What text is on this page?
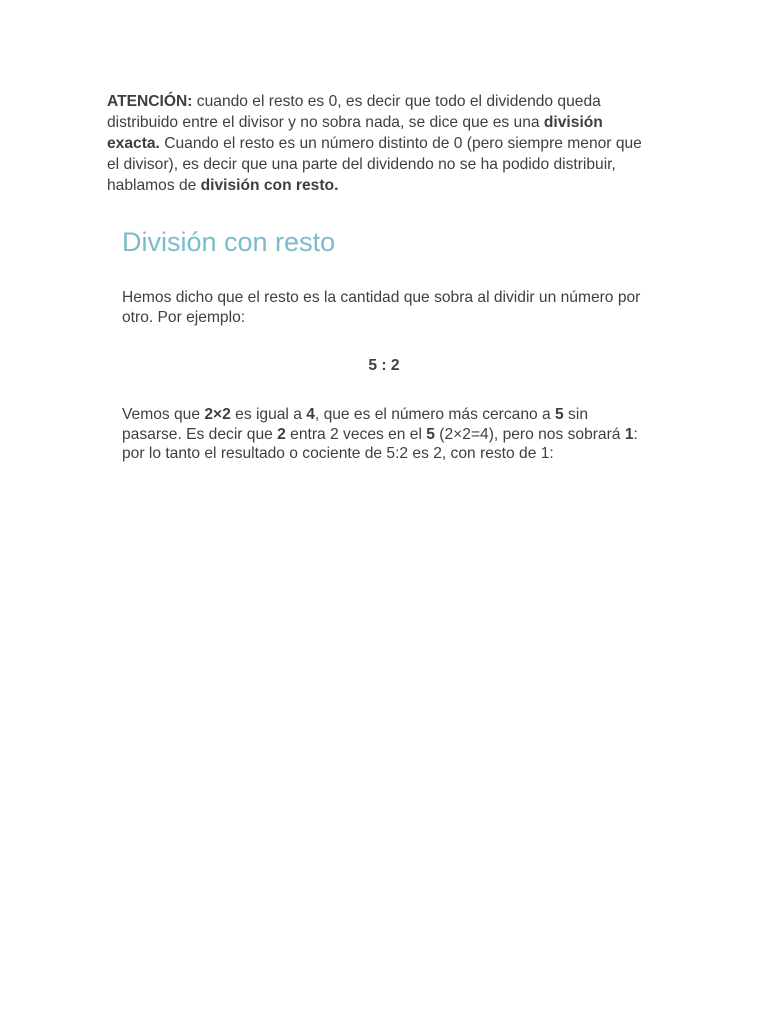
ATENCIÓN: cuando el resto es 0, es decir que todo el dividendo queda distribuido entre el divisor y no sobra nada, se dice que es una división exacta. Cuando el resto es un número distinto de 0 (pero siempre menor que el divisor), es decir que una parte del dividendo no se ha podido distribuir, hablamos de división con resto.

División con resto

Hemos dicho que el resto es la cantidad que sobra al dividir un número por otro. Por ejemplo:

5 : 2

Vemos que 2×2 es igual a 4, que es el número más cercano a 5 sin pasarse. Es decir que 2 entra 2 veces en el 5 (2×2=4), pero nos sobrará 1: por lo tanto el resultado o cociente de 5:2 es 2, con resto de 1:
